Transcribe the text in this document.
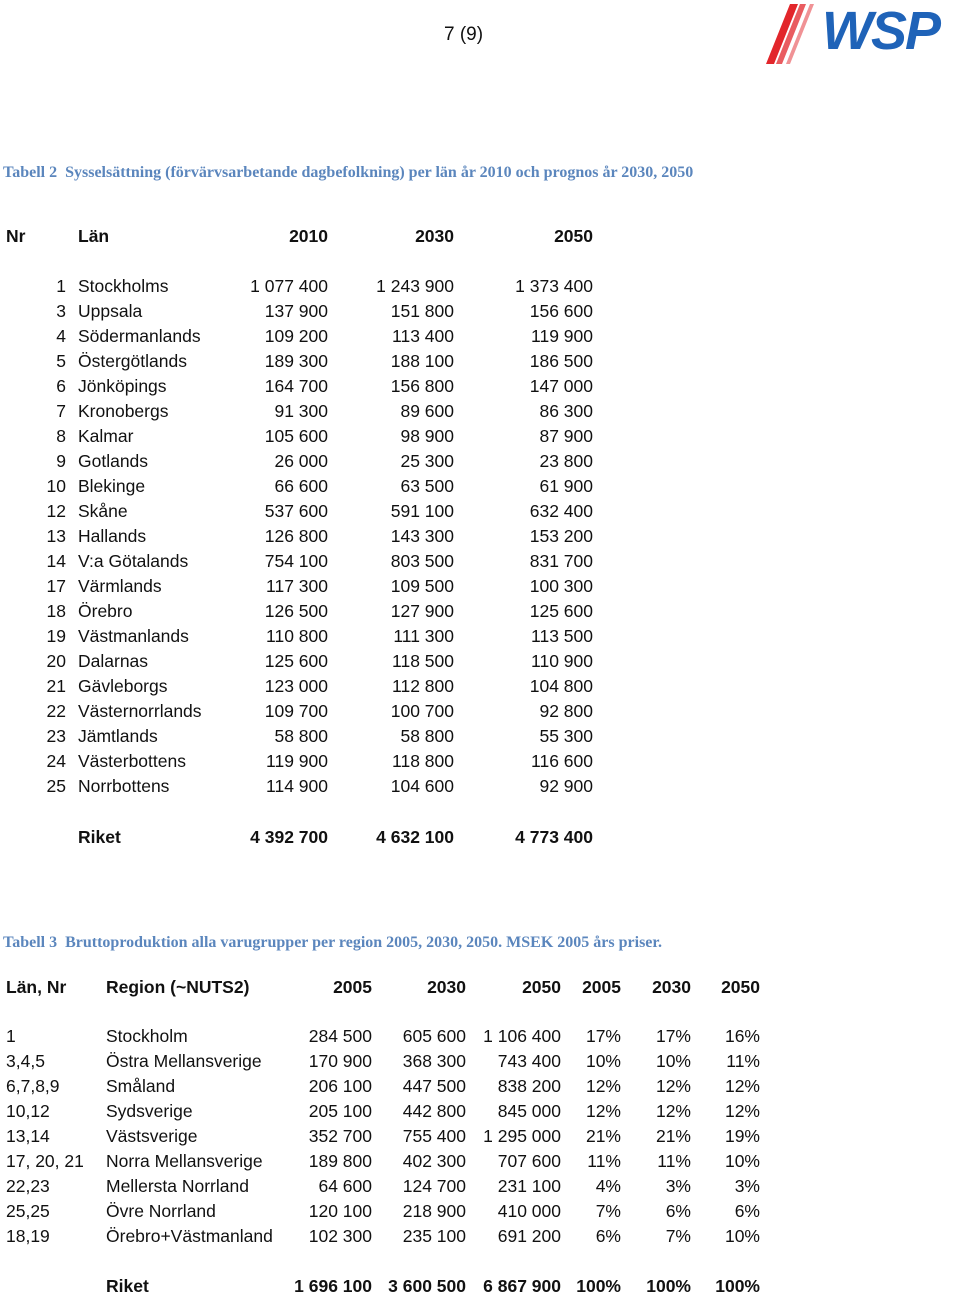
7 (9)	WSP
Tabell 2 Sysselsättning (förvärvsarbetande dagbefolkning) per län år 2010 och prognos år 2030, 2050
Nr	Län	2010	2030	2050

1	Stockholms	1 077 400	1 243 900	1 373 400
3	Uppsala	137 900	151 800	156 600
4	Södermanlands	109 200	113 400	119 900
5	Östergötlands	189 300	188 100	186 500
6	Jönköpings	164 700	156 800	147 000
7	Kronobergs	91 300	89 600	86 300
8	Kalmar	105 600	98 900	87 900
9	Gotlands	26 000	25 300	23 800
10	Blekinge	66 600	63 500	61 900
12	Skåne	537 600	591 100	632 400
13	Hallands	126 800	143 300	153 200
14	V:a Götalands	754 100	803 500	831 700
17	Värmlands	117 300	109 500	100 300
18	Örebro	126 500	127 900	125 600
19	Västmanlands	110 800	111 300	113 500
20	Dalarnas	125 600	118 500	110 900
21	Gävleborgs	123 000	112 800	104 800
22	Västernorrlands	109 700	100 700	92 800
23	Jämtlands	58 800	58 800	55 300
24	Västerbottens	119 900	118 800	116 600
25	Norrbottens	114 900	104 600	92 900

	Riket	4 392 700	4 632 100	4 773 400
Tabell 3 Bruttoproduktion alla varugrupper per region 2005, 2030, 2050. MSEK 2005 års priser.
Län, Nr	Region (~NUTS2)	2005	2030	2050	2005	2030	2050

1	Stockholm	284 500	605 600	1 106 400	17%	17%	16%
3,4,5	Östra Mellansverige	170 900	368 300	743 400	10%	10%	11%
6,7,8,9	Småland	206 100	447 500	838 200	12%	12%	12%
10,12	Sydsverige	205 100	442 800	845 000	12%	12%	12%
13,14	Västsverige	352 700	755 400	1 295 000	21%	21%	19%
17, 20, 21	Norra Mellansverige	189 800	402 300	707 600	11%	11%	10%
22,23	Mellersta Norrland	64 600	124 700	231 100	4%	3%	3%
25,25	Övre Norrland	120 100	218 900	410 000	7%	6%	6%
18,19	Örebro+Västmanland	102 300	235 100	691 200	6%	7%	10%

	Riket	1 696 100	3 600 500	6 867 900	100%	100%	100%
